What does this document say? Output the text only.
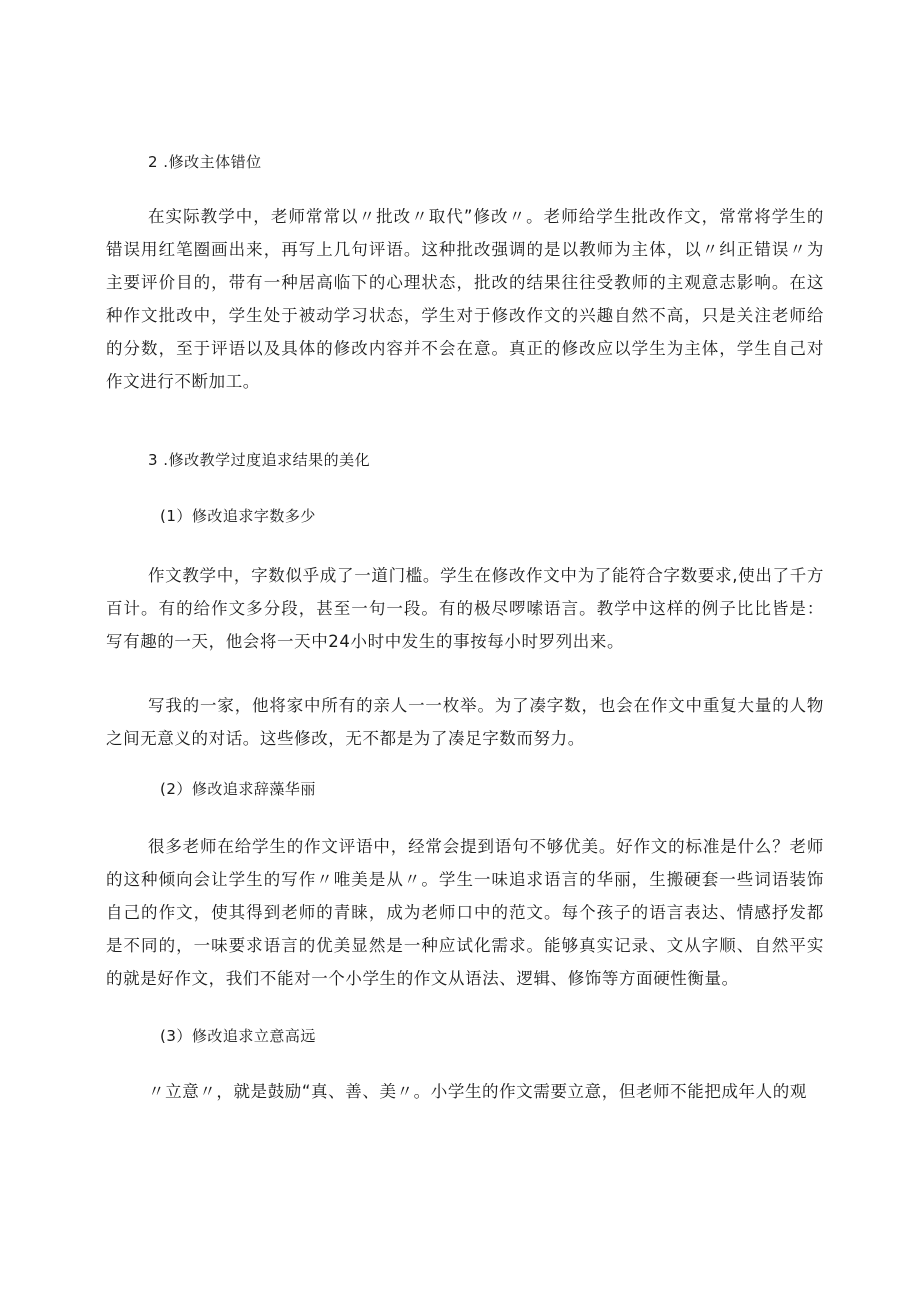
2 .修改主体错位

在实际教学中，老师常常以〃批改〃取代”修改〃。老师给学生批改作文，常常将学生的错误用红笔圈画出来，再写上几句评语。这种批改强调的是以教师为主体，以〃纠正错误〃为主要评价目的，带有一种居高临下的心理状态，批改的结果往往受教师的主观意志影响。在这种作文批改中，学生处于被动学习状态，学生对于修改作文的兴趣自然不高，只是关注老师给的分数，至于评语以及具体的修改内容并不会在意。真正的修改应以学生为主体，学生自己对作文进行不断加工。

3 .修改教学过度追求结果的美化

(1）修改追求字数多少

作文教学中，字数似乎成了一道门槛。学生在修改作文中为了能符合字数要求,使出了千方百计。有的给作文多分段，甚至一句一段。有的极尽啰嗦语言。教学中这样的例子比比皆是：写有趣的一天，他会将一天中24小时中发生的事按每小时罗列出来。

写我的一家，他将家中所有的亲人一一枚举。为了凑字数，也会在作文中重复大量的人物之间无意义的对话。这些修改，无不都是为了凑足字数而努力。

(2）修改追求辞藻华丽

很多老师在给学生的作文评语中，经常会提到语句不够优美。好作文的标准是什么？老师的这种倾向会让学生的写作〃唯美是从〃。学生一味追求语言的华丽，生搬硬套一些词语装饰自己的作文，使其得到老师的青睐，成为老师口中的范文。每个孩子的语言表达、情感抒发都是不同的，一味要求语言的优美显然是一种应试化需求。能够真实记录、文从字顺、自然平实的就是好作文，我们不能对一个小学生的作文从语法、逻辑、修饰等方面硬性衡量。

(3）修改追求立意高远

〃立意〃，就是鼓励“真、善、美〃。小学生的作文需要立意，但老师不能把成年人的观
